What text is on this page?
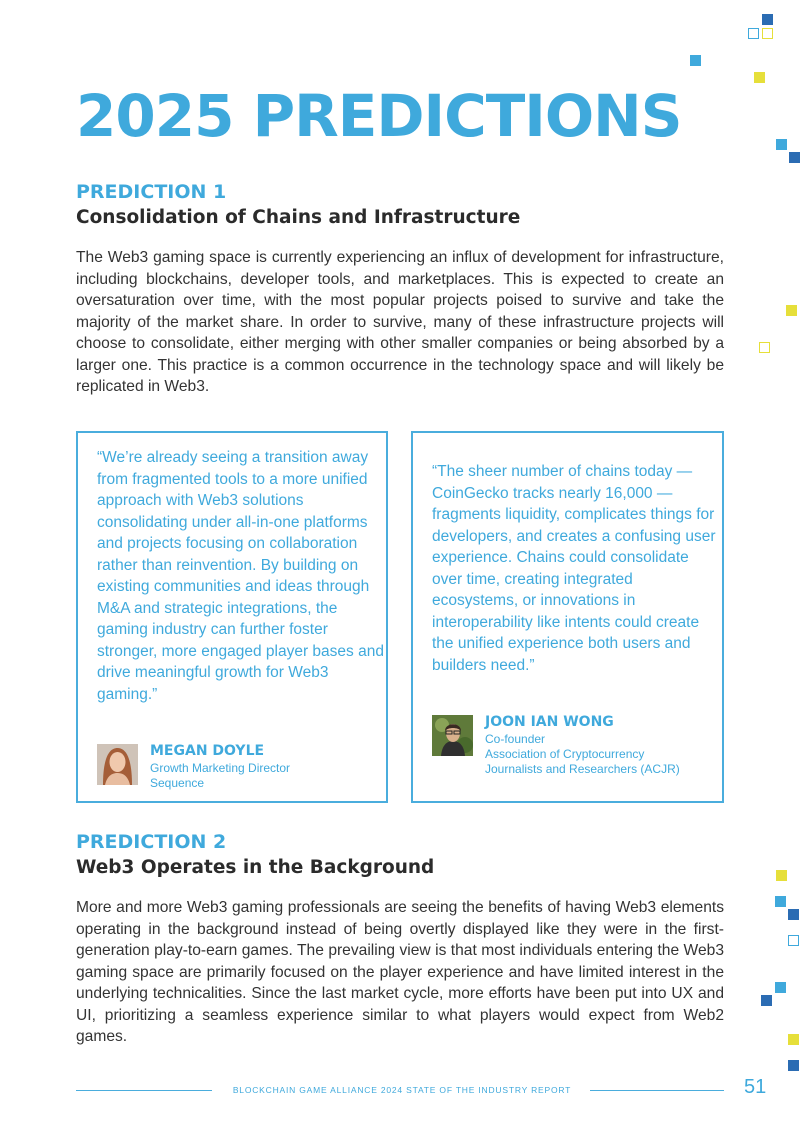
2025 PREDICTIONS
PREDICTION 1
Consolidation of Chains and Infrastructure

The Web3 gaming space is currently experiencing an influx of development for infrastructure, including blockchains, developer tools, and marketplaces. This is expected to create an oversaturation over time, with the most popular projects poised to survive and take the majority of the market share. In order to survive, many of these infrastructure projects will choose to consolidate, either merging with other smaller companies or being absorbed by a larger one. This practice is a common occurrence in the technology space and will likely be replicated in Web3.

“We’re already seeing a transition away from fragmented tools to a more unified approach with Web3 solutions consolidating under all-in-one platforms and projects focusing on collaboration rather than reinvention. By building on existing communities and ideas through M&A and strategic integrations, the gaming industry can further foster stronger, more engaged player bases and drive meaningful growth for Web3 gaming.”

MEGAN DOYLE

Growth Marketing Director

Sequence

“The sheer number of chains today — CoinGecko tracks nearly 16,000 — fragments liquidity, complicates things for developers, and creates a confusing user experience. Chains could consolidate over time, creating integrated ecosystems, or innovations in interoperability like intents could create the unified experience both users and builders need.”

JOON IAN WONG

Co-founder

Association of Cryptocurrency

Journalists and Researchers (ACJR)

PREDICTION 2
Web3 Operates in the Background

More and more Web3 gaming professionals are seeing the benefits of having Web3 elements operating in the background instead of being overtly displayed like they were in the first-generation play-to-earn games. The prevailing view is that most individuals entering the Web3 gaming space are primarily focused on the player experience and have limited interest in the underlying technicalities. Since the last market cycle, more efforts have been put into UX and UI, prioritizing a seamless experience similar to what players would expect from Web2 games.

BLOCKCHAIN GAME ALLIANCE 2024 STATE OF THE INDUSTRY REPORT	51
